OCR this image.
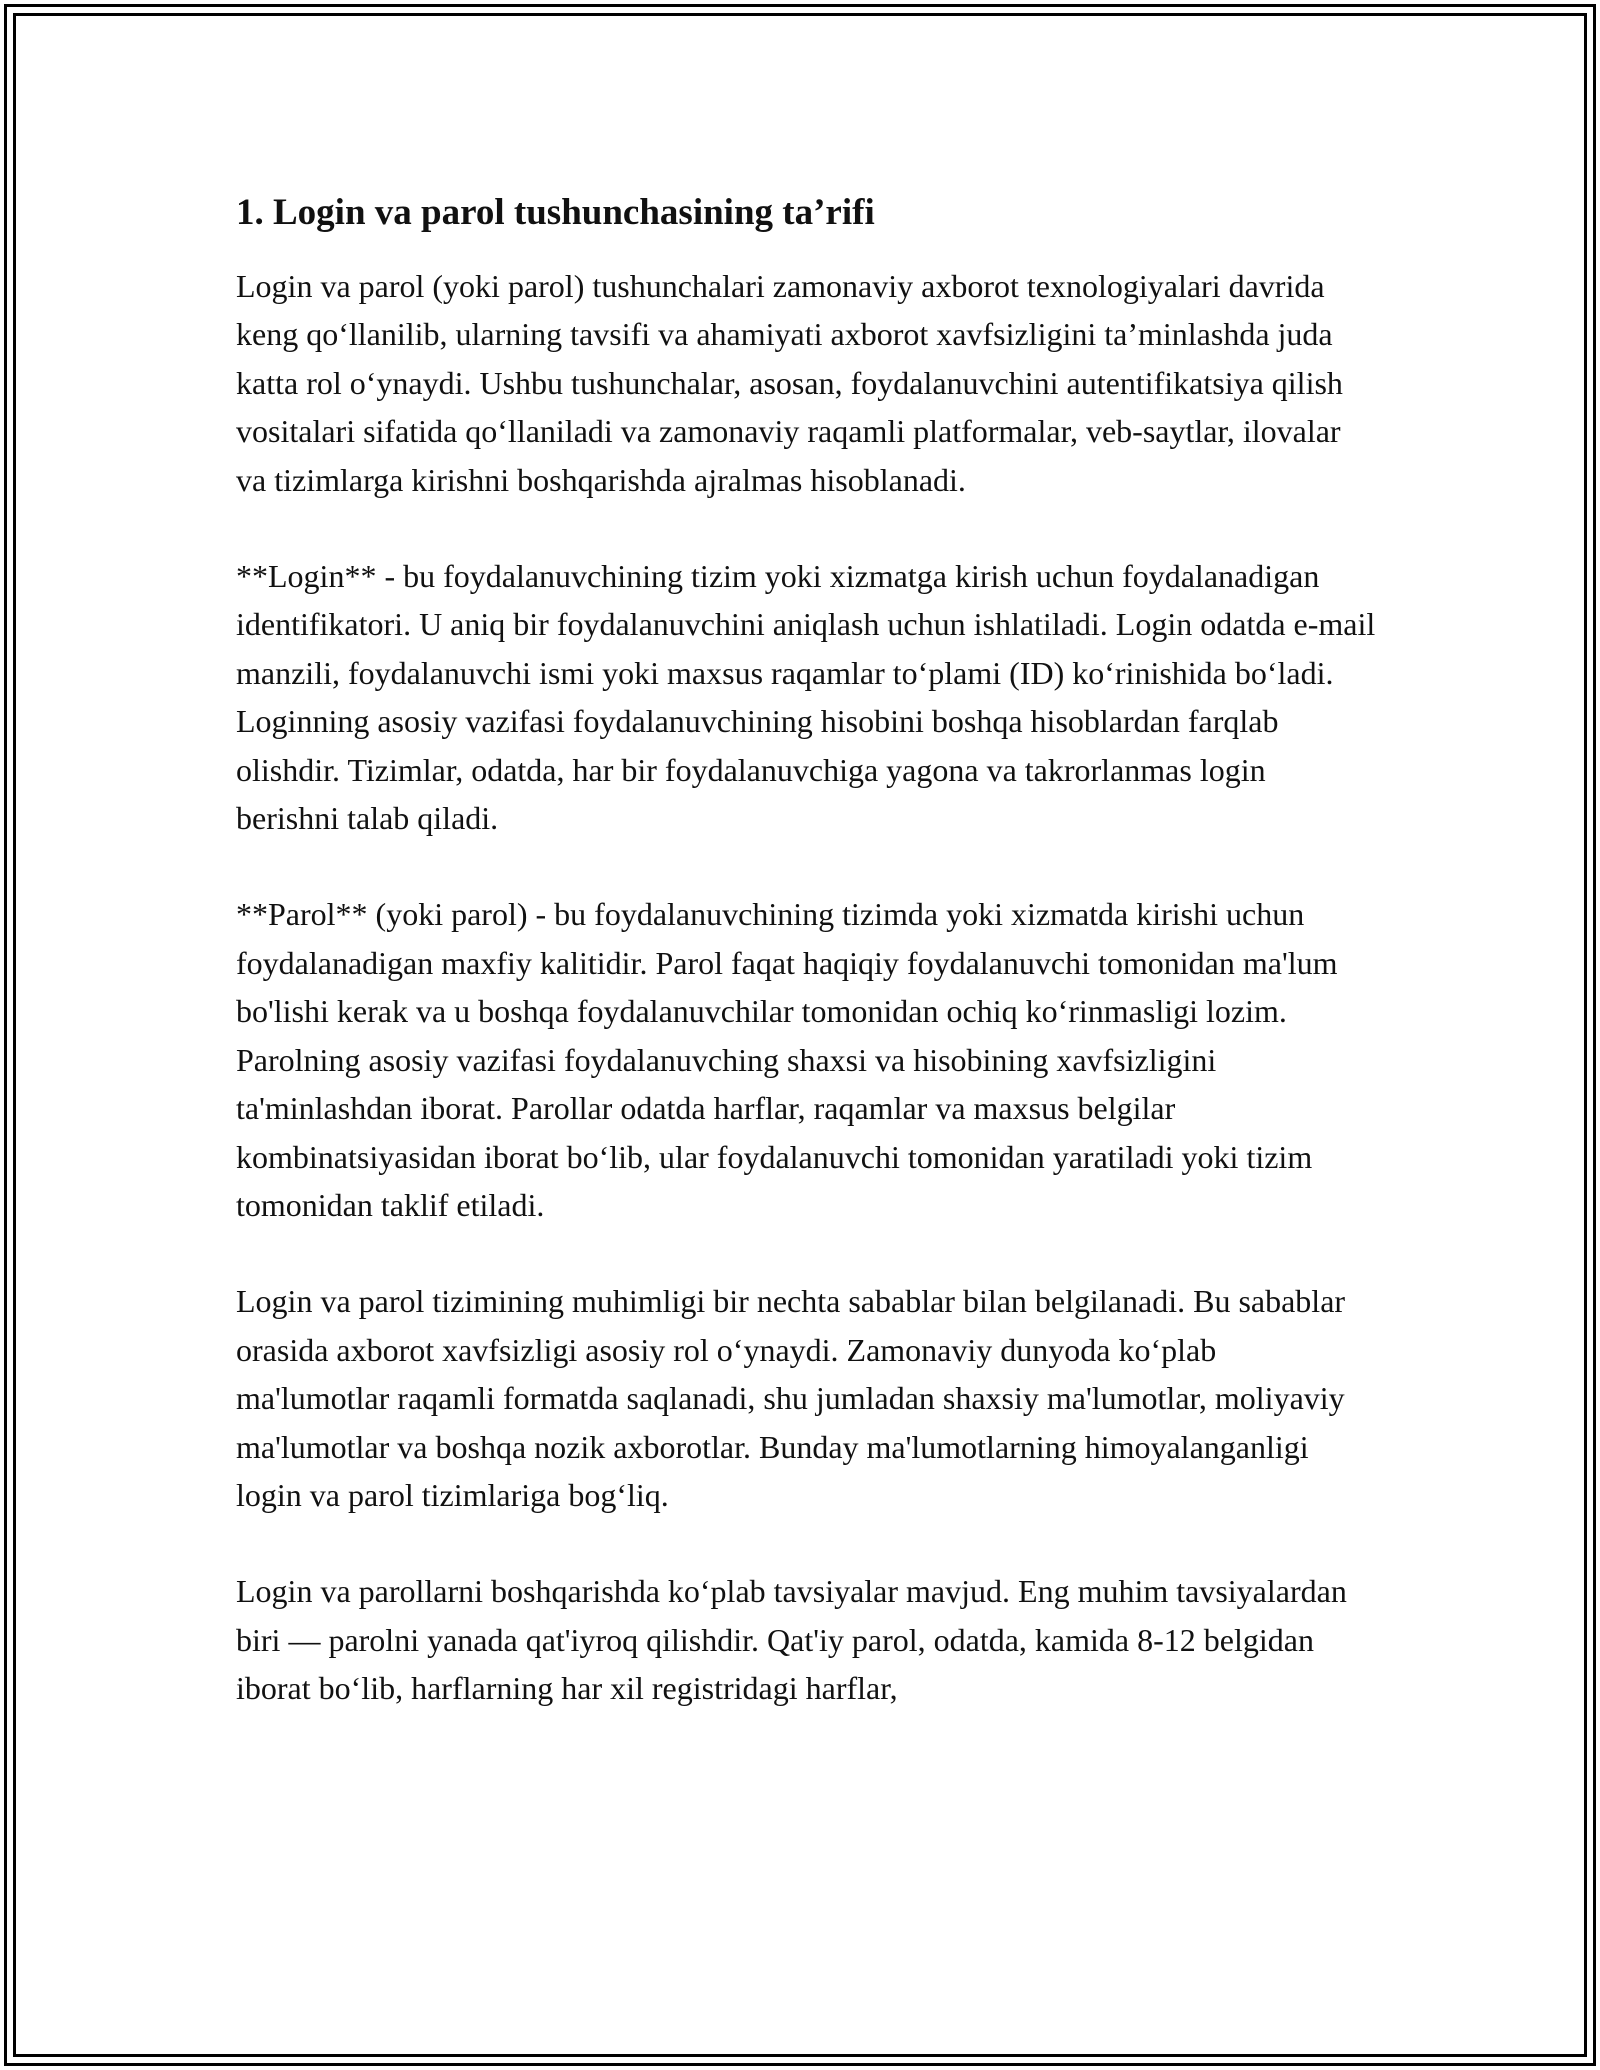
1. Login va parol tushunchasining ta’rifi

Login va parol (yoki parol) tushunchalari zamonaviy axborot texnologiyalari davrida keng qo‘llanilib, ularning tavsifi va ahamiyati axborot xavfsizligini ta’minlashda juda katta rol o‘ynaydi. Ushbu tushunchalar, asosan, foydalanuvchini autentifikatsiya qilish vositalari sifatida qo‘llaniladi va zamonaviy raqamli platformalar, veb-saytlar, ilovalar va tizimlarga kirishni boshqarishda ajralmas hisoblanadi.

**Login** - bu foydalanuvchining tizim yoki xizmatga kirish uchun foydalanadigan identifikatori. U aniq bir foydalanuvchini aniqlash uchun ishlatiladi. Login odatda e-mail manzili, foydalanuvchi ismi yoki maxsus raqamlar to‘plami (ID) ko‘rinishida bo‘ladi. Loginning asosiy vazifasi foydalanuvchining hisobini boshqa hisoblardan farqlab olishdir. Tizimlar, odatda, har bir foydalanuvchiga yagona va takrorlanmas login berishni talab qiladi.

**Parol** (yoki parol) - bu foydalanuvchining tizimda yoki xizmatda kirishi uchun foydalanadigan maxfiy kalitidir. Parol faqat haqiqiy foydalanuvchi tomonidan ma'lum bo'lishi kerak va u boshqa foydalanuvchilar tomonidan ochiq ko‘rinmasligi lozim. Parolning asosiy vazifasi foydalanuvching shaxsi va hisobining xavfsizligini ta'minlashdan iborat. Parollar odatda harflar, raqamlar va maxsus belgilar kombinatsiyasidan iborat bo‘lib, ular foydalanuvchi tomonidan yaratiladi yoki tizim tomonidan taklif etiladi.

Login va parol tizimining muhimligi bir nechta sabablar bilan belgilanadi. Bu sabablar orasida axborot xavfsizligi asosiy rol o‘ynaydi. Zamonaviy dunyoda ko‘plab ma'lumotlar raqamli formatda saqlanadi, shu jumladan shaxsiy ma'lumotlar, moliyaviy ma'lumotlar va boshqa nozik axborotlar. Bunday ma'lumotlarning himoyalanganligi login va parol tizimlariga bog‘liq.

Login va parollarni boshqarishda ko‘plab tavsiyalar mavjud. Eng muhim tavsiyalardan biri — parolni yanada qat'iyroq qilishdir. Qat'iy parol, odatda, kamida 8-12 belgidan iborat bo‘lib, harflarning har xil registridagi harflar,
